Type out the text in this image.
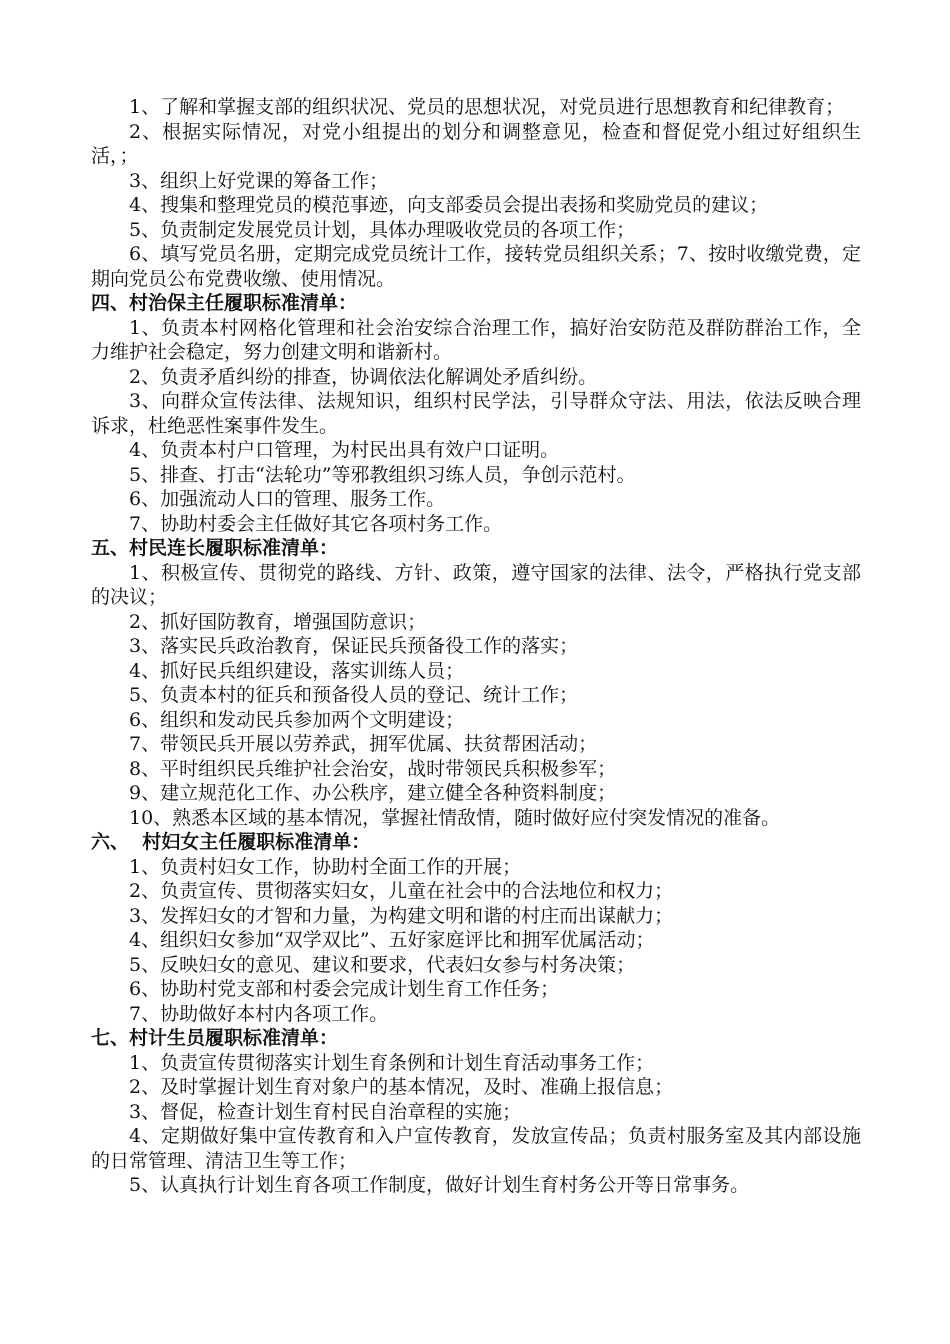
1、了解和掌握支部的组织状况、党员的思想状况，对党员进行思想教育和纪律教育；

2、根据实际情况，对党小组提出的划分和调整意见，检查和督促党小组过好组织生活，；

3、组织上好党课的筹备工作；

4、搜集和整理党员的模范事迹，向支部委员会提出表扬和奖励党员的建议；

5、负责制定发展党员计划，具体办理吸收党员的各项工作；

6、填写党员名册，定期完成党员统计工作，接转党员组织关系；7、按时收缴党费，定期向党员公布党费收缴、使用情况。

四、村治保主任履职标准清单：

1、负责本村网格化管理和社会治安综合治理工作，搞好治安防范及群防群治工作，全力维护社会稳定，努力创建文明和谐新村。

2、负责矛盾纠纷的排查，协调依法化解调处矛盾纠纷。

3、向群众宣传法律、法规知识，组织村民学法，引导群众守法、用法，依法反映合理诉求，杜绝恶性案事件发生。

4、负责本村户口管理，为村民出具有效户口证明。

5、排查、打击“法轮功”等邪教组织习练人员，争创示范村。

6、加强流动人口的管理、服务工作。

7、协助村委会主任做好其它各项村务工作。

五、村民连长履职标准清单：

1、积极宣传、贯彻党的路线、方针、政策，遵守国家的法律、法令，严格执行党支部的决议；

2、抓好国防教育，增强国防意识；

3、落实民兵政治教育，保证民兵预备役工作的落实；

4、抓好民兵组织建设，落实训练人员；

5、负责本村的征兵和预备役人员的登记、统计工作；

6、组织和发动民兵参加两个文明建设；

7、带领民兵开展以劳养武，拥军优属、扶贫帮困活动；

8、平时组织民兵维护社会治安，战时带领民兵积极参军；

9、建立规范化工作、办公秩序，建立健全各种资料制度；

10、熟悉本区域的基本情况，掌握社情敌情，随时做好应付突发情况的准备。

六、  村妇女主任履职标准清单：

1、负责村妇女工作，协助村全面工作的开展；

2、负责宣传、贯彻落实妇女，儿童在社会中的合法地位和权力；

3、发挥妇女的才智和力量，为构建文明和谐的村庄而出谋献力；

4、组织妇女参加“双学双比”、五好家庭评比和拥军优属活动；

5、反映妇女的意见、建议和要求，代表妇女参与村务决策；

6、协助村党支部和村委会完成计划生育工作任务；

7、协助做好本村内各项工作。

七、村计生员履职标准清单：

1、负责宣传贯彻落实计划生育条例和计划生育活动事务工作；

2、及时掌握计划生育对象户的基本情况，及时、准确上报信息；

3、督促，检查计划生育村民自治章程的实施；

4、定期做好集中宣传教育和入户宣传教育，发放宣传品；负责村服务室及其内部设施的日常管理、清洁卫生等工作；

5、认真执行计划生育各项工作制度，做好计划生育村务公开等日常事务。
